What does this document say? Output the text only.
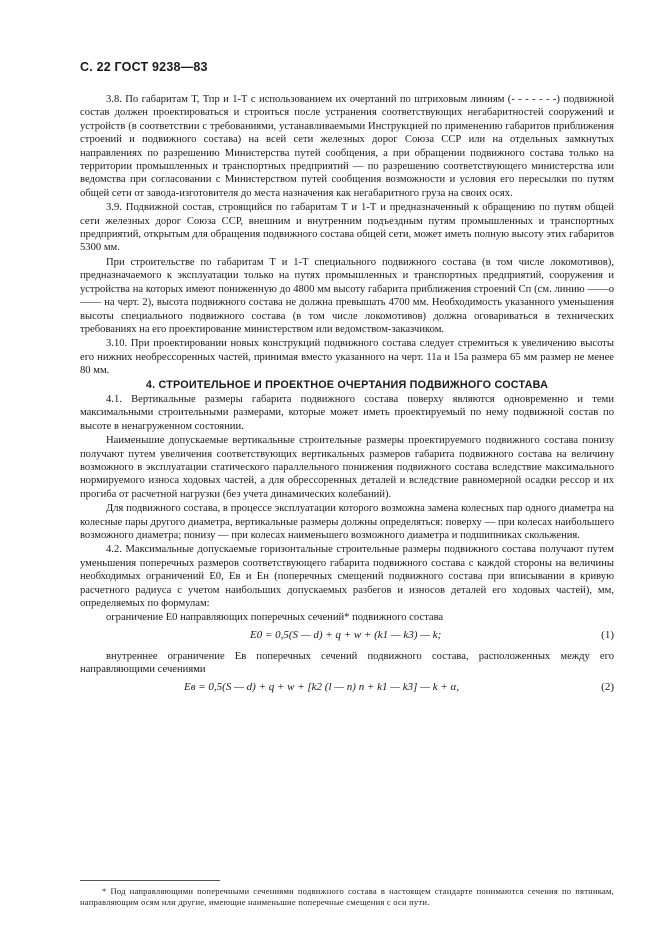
С. 22 ГОСТ 9238—83

3.8. По габаритам Т, Тпр и 1-Т с использованием их очертаний по штриховым линиям (- - - - - - -) подвижной состав должен проектироваться и строиться после устранения соответствующих негабаритностей сооружений и устройств (в соответствии с требованиями, устанавливаемыми Инструкцией по применению габаритов приближения строений и подвижного состава) на всей сети железных дорог Союза ССР или на отдельных замкнутых направлениях по разрешению Министерства путей сообщения, а при обращении подвижного состава только на территории промышленных и транспортных предприятий — по разрешению соответствующего министерства или ведомства при согласовании с Министерством путей сообщения возможности и условия его пересылки по путям общей сети от завода-изготовителя до места назначения как негабаритного груза на своих осях.

3.9. Подвижной состав, строящийся по габаритам Т и 1-Т и предназначенный к обращению по путям общей сети железных дорог Союза ССР, внешним и внутренним подъездным путям промышленных и транспортных предприятий, открытым для обращения подвижного состава общей сети, может иметь полную высоту этих габаритов 5300 мм.

При строительстве по габаритам Т и 1-Т специального подвижного состава (в том числе локомотивов), предназначаемого к эксплуатации только на путях промышленных и транспортных предприятий, сооружения и устройства на которых имеют пониженную до 4800 мм высоту габарита приближения строений Сп (см. линию ——о—— на черт. 2), высота подвижного состава не должна превышать 4700 мм. Необходимость указанного уменьшения высоты специального подвижного состава (в том числе локомотивов) должна оговариваться в технических требованиях на его проектирование министерством или ведомством-заказчиком.

3.10. При проектировании новых конструкций подвижного состава следует стремиться к увеличению высоты его нижних необрессоренных частей, принимая вместо указанного на черт. 11а и 15а размера 65 мм размер не менее 80 мм.

4. СТРОИТЕЛЬНОЕ И ПРОЕКТНОЕ ОЧЕРТАНИЯ ПОДВИЖНОГО СОСТАВА

4.1. Вертикальные размеры габарита подвижного состава поверху являются одновременно и теми максимальными строительными размерами, которые может иметь проектируемый по нему подвижной состав по высоте в ненагруженном состоянии.

Наименьшие допускаемые вертикальные строительные размеры проектируемого подвижного состава понизу получают путем увеличения соответствующих вертикальных размеров габарита подвижного состава на величину возможного в эксплуатации статического параллельного понижения подвижного состава вследствие максимального нормируемого износа ходовых частей, а для обрессоренных деталей и вследствие равномерной осадки рессор и их прогиба от расчетной нагрузки (без учета динамических колебаний).

Для подвижного состава, в процессе эксплуатации которого возможна замена колесных пар одного диаметра на колесные пары другого диаметра, вертикальные размеры должны определяться: поверху — при колесах наибольшего возможного диаметра; понизу — при колесах наименьшего возможного диаметра и подшипниках скольжения.

4.2. Максимальные допускаемые горизонтальные строительные размеры подвижного состава получают путем уменьшения поперечных размеров соответствующего габарита подвижного состава с каждой стороны на величины необходимых ограничений E0, Eв и Eн (поперечных смещений подвижного состава при вписывании в кривую расчетного радиуса с учетом наибольших допускаемых разбегов и износов деталей его ходовых частей), мм, определяемых по формулам:

ограничение E0 направляющих поперечных сечений* подвижного состава

E0 = 0,5(S — d) + q + w + (k1 — k3) — k;	(1)

внутреннее ограничение Eв поперечных сечений подвижного состава, расположенных между его направляющими сечениями

Eв = 0,5(S — d) + q + w + [k2 (l — n) n + k1 — k3] — k + α,	(2)
* Под направляющими поперечными сечениями подвижного состава в настоящем стандарте понимаются сечения по пятникам, направляющим осям или другие, имеющие наименьшие поперечные смещения с оси пути.
